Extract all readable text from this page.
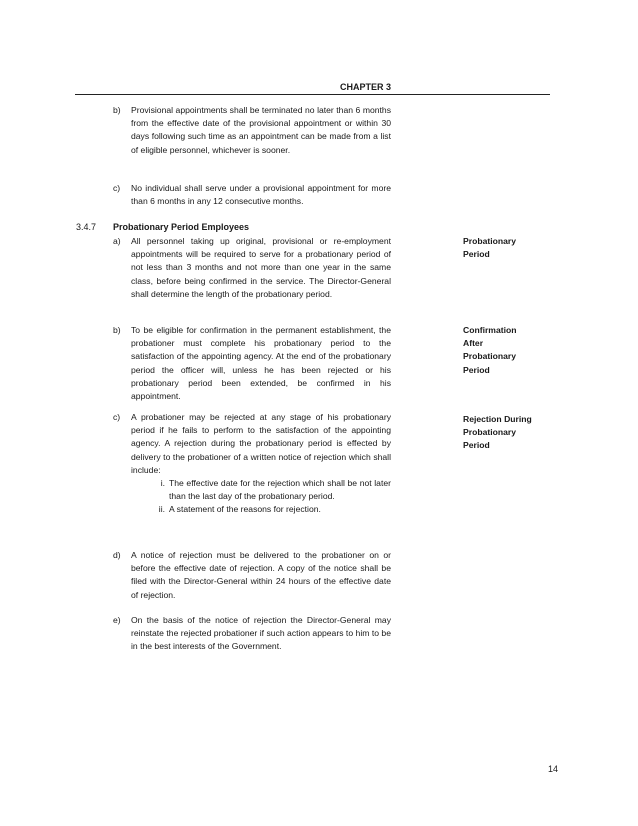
CHAPTER 3
b) Provisional appointments shall be terminated no later than 6 months from the effective date of the provisional appointment or within 30 days following such time as an appointment can be made from a list of eligible personnel, whichever is sooner.
c) No individual shall serve under a provisional appointment for more than 6 months in any 12 consecutive months.
3.4.7 Probationary Period Employees
a) All personnel taking up original, provisional or re-employment appointments will be required to serve for a probationary period of not less than 3 months and not more than one year in the same class, before being confirmed in the service. The Director-General shall determine the length of the probationary period.
b) To be eligible for confirmation in the permanent establishment, the probationer must complete his probationary period to the satisfaction of the appointing agency. At the end of the probationary period the officer will, unless he has been rejected or his probationary period been extended, be confirmed in his appointment.
c) A probationer may be rejected at any stage of his probationary period if he fails to perform to the satisfaction of the appointing agency. A rejection during the probationary period is effected by delivery to the probationer of a written notice of rejection which shall include:
i. The effective date for the rejection which shall be not later than the last day of the probationary period.
ii. A statement of the reasons for rejection.
d) A notice of rejection must be delivered to the probationer on or before the effective date of rejection. A copy of the notice shall be filed with the Director-General within 24 hours of the effective date of rejection.
e) On the basis of the notice of rejection the Director-General may reinstate the rejected probationer if such action appears to him to be in the best interests of the Government.
Probationary Period
Confirmation After Probationary Period
Rejection During Probationary Period
14
